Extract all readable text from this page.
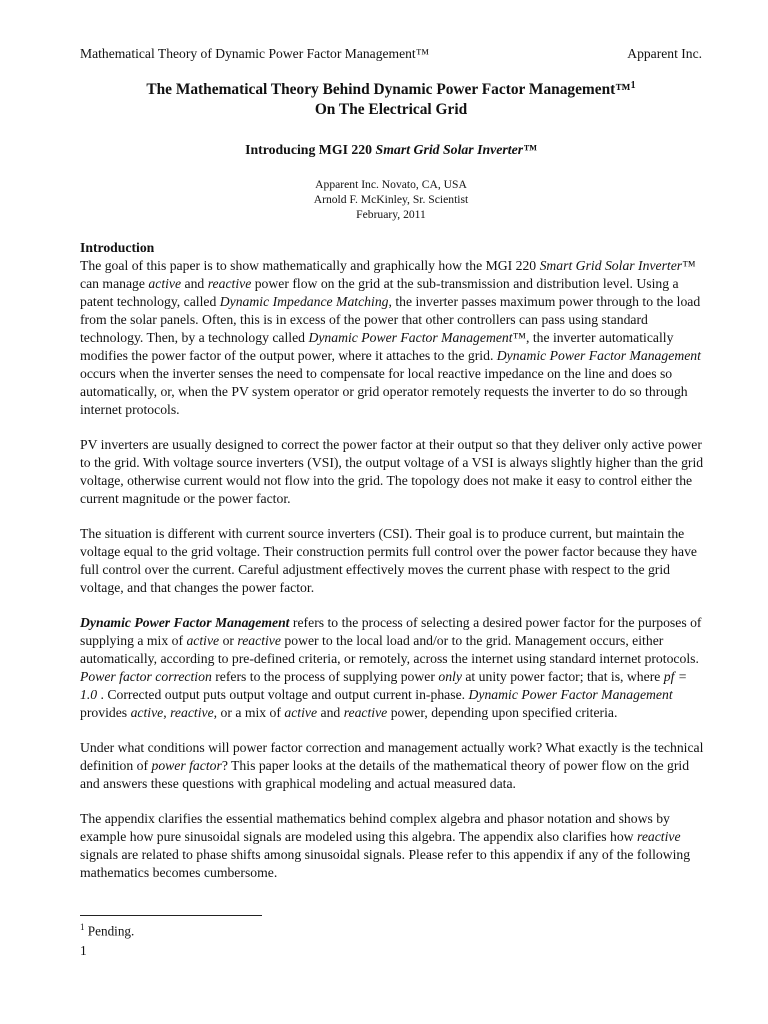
Mathematical Theory of Dynamic Power Factor Management™	Apparent Inc.
The Mathematical Theory Behind Dynamic Power Factor Management™$^1$
On The Electrical Grid
Introducing MGI 220 Smart Grid Solar Inverter™
Apparent Inc. Novato, CA, USA
Arnold F. McKinley, Sr. Scientist
February, 2011
Introduction

The goal of this paper is to show mathematically and graphically how the MGI 220 Smart Grid Solar Inverter™ can manage active and reactive power flow on the grid at the sub-transmission and distribution level. Using a patent technology, called Dynamic Impedance Matching, the inverter passes maximum power through to the load from the solar panels. Often, this is in excess of the power that other controllers can pass using standard technology. Then, by a technology called Dynamic Power Factor Management™, the inverter automatically modifies the power factor of the output power, where it attaches to the grid. Dynamic Power Factor Management occurs when the inverter senses the need to compensate for local reactive impedance on the line and does so automatically, or, when the PV system operator or grid operator remotely requests the inverter to do so through internet protocols.

PV inverters are usually designed to correct the power factor at their output so that they deliver only active power to the grid. With voltage source inverters (VSI), the output voltage of a VSI is always slightly higher than the grid voltage, otherwise current would not flow into the grid. The topology does not make it easy to control either the current magnitude or the power factor.

The situation is different with current source inverters (CSI). Their goal is to produce current, but maintain the voltage equal to the grid voltage. Their construction permits full control over the power factor because they have full control over the current. Careful adjustment effectively moves the current phase with respect to the grid voltage, and that changes the power factor.

Dynamic Power Factor Management refers to the process of selecting a desired power factor for the purposes of supplying a mix of active or reactive power to the local load and/or to the grid. Management occurs, either automatically, according to pre-defined criteria, or remotely, across the internet using standard internet protocols. Power factor correction refers to the process of supplying power only at unity power factor; that is, where pf = 1.0 . Corrected output puts output voltage and output current in-phase. Dynamic Power Factor Management provides active, reactive, or a mix of active and reactive power, depending upon specified criteria.

Under what conditions will power factor correction and management actually work? What exactly is the technical definition of power factor? This paper looks at the details of the mathematical theory of power flow on the grid and answers these questions with graphical modeling and actual measured data.

The appendix clarifies the essential mathematics behind complex algebra and phasor notation and shows by example how pure sinusoidal signals are modeled using this algebra. The appendix also clarifies how reactive signals are related to phase shifts among sinusoidal signals. Please refer to this appendix if any of the following mathematics becomes cumbersome.

$^1$ Pending.
1
